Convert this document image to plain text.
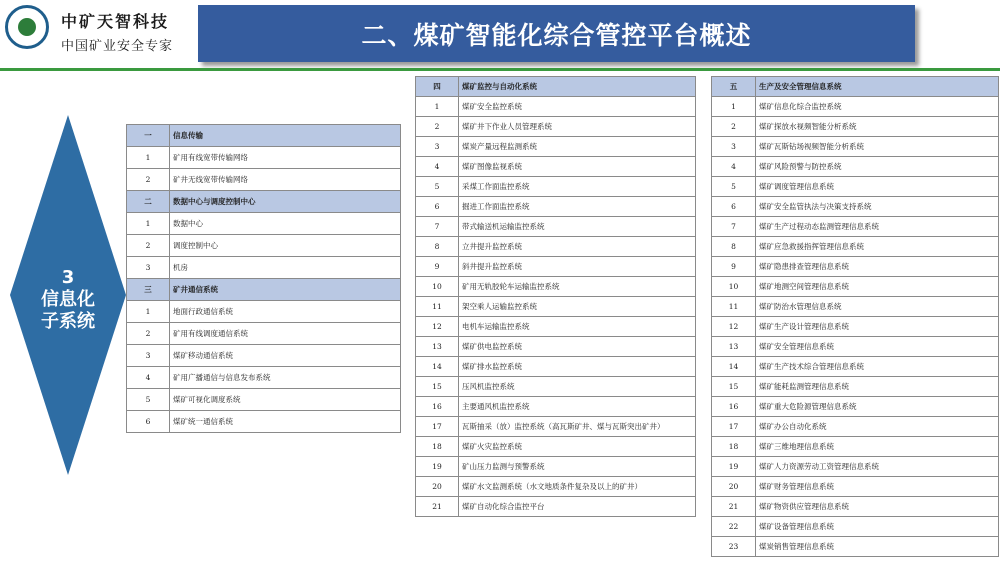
中矿天智科技
中国矿业安全专家	二、煤矿智能化综合管控平台概述
3
信息化
子系统
一	信息传输
1	矿用有线宽带传输网络
2	矿井无线宽带传输网络
二	数据中心与调度控制中心
1	数据中心
2	调度控制中心
3	机房
三	矿井通信系统
1	地面行政通信系统
2	矿用有线调度通信系统
3	煤矿移动通信系统
4	矿用广播通信与信息发布系统
5	煤矿可视化调度系统
6	煤矿统一通信系统
四	煤矿监控与自动化系统
1	煤矿安全监控系统
2	煤矿井下作业人员管理系统
3	煤炭产量远程监测系统
4	煤矿图像监视系统
5	采煤工作面监控系统
6	掘进工作面监控系统
7	带式输送机运输监控系统
8	立井提升监控系统
9	斜井提升监控系统
10	矿用无轨胶轮车运输监控系统
11	架空乘人运输监控系统
12	电机车运输监控系统
13	煤矿供电监控系统
14	煤矿排水监控系统
15	压风机监控系统
16	主要通风机监控系统
17	瓦斯抽采（放）监控系统（高瓦斯矿井、煤与瓦斯突出矿井）
18	煤矿火灾监控系统
19	矿山压力监测与预警系统
20	煤矿水文监测系统（水文地质条件复杂及以上的矿井）
21	煤矿自动化综合监控平台
五	生产及安全管理信息系统
1	煤矿信息化综合监控系统
2	煤矿探放水视频智能分析系统
3	煤矿瓦斯钻场视频智能分析系统
4	煤矿风险预警与防控系统
5	煤矿调度管理信息系统
6	煤矿安全监管执法与决策支持系统
7	煤矿生产过程动态监测管理信息系统
8	煤矿应急救援指挥管理信息系统
9	煤矿隐患排查管理信息系统
10	煤矿地测空间管理信息系统
11	煤矿防治水管理信息系统
12	煤矿生产设计管理信息系统
13	煤矿安全管理信息系统
14	煤矿生产技术综合管理信息系统
15	煤矿能耗监测管理信息系统
16	煤矿重大危险源管理信息系统
17	煤矿办公自动化系统
18	煤矿三维地理信息系统
19	煤矿人力资源劳动工资管理信息系统
20	煤矿财务管理信息系统
21	煤矿物资供应管理信息系统
22	煤矿设备管理信息系统
23	煤炭销售管理信息系统
